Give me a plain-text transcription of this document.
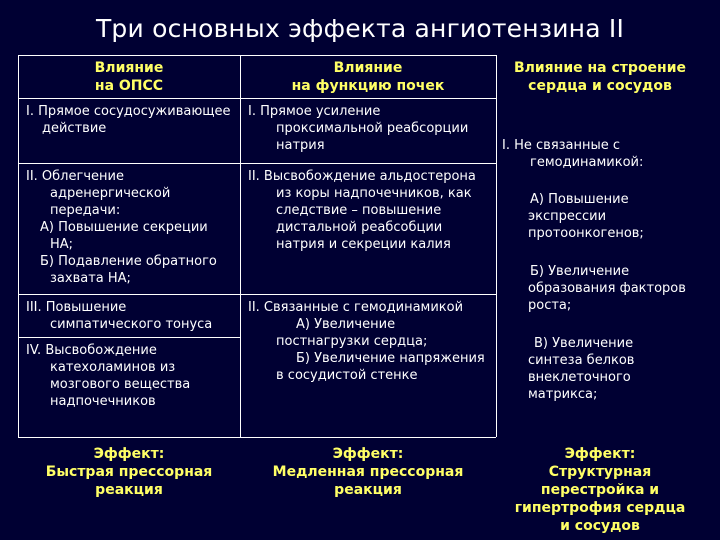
Три основных эффекта ангиотензина II

Влияние

на ОПСС

Влияние

на функцию почек

Влияние на строение

сердца и сосудов

I. Прямое сосудосуживающее

действие

II. Облегчение

адренергической

передачи:

А) Повышение секреции

НА;

Б) Подавление обратного

захвата НА;

III. Повышение

симпатического тонуса

IV. Высвобождение

катехоламинов из

мозгового вещества

надпочечников

I. Прямое усиление

проксимальной реабсорции

натрия

II. Высвобождение альдостерона

из коры надпочечников, как

следствие – повышение

дистальной реабсобции

натрия и секреции калия

II. Связанные с гемодинамикой

А) Увеличение

постнагрузки сердца;

Б) Увеличение напряжения

в сосудистой стенке

I. Не связанные с

гемодинамикой:

А) Повышение

экспрессии

протоонкогенов;

Б) Увеличение

образования факторов

роста;

В) Увеличение

синтеза белков

внеклеточного

матрикса;

Эффект:

Быстрая прессорная

реакция

Эффект:

Медленная прессорная

реакция

Эффект:

Структурная

перестройка и

гипертрофия сердца

и сосудов
